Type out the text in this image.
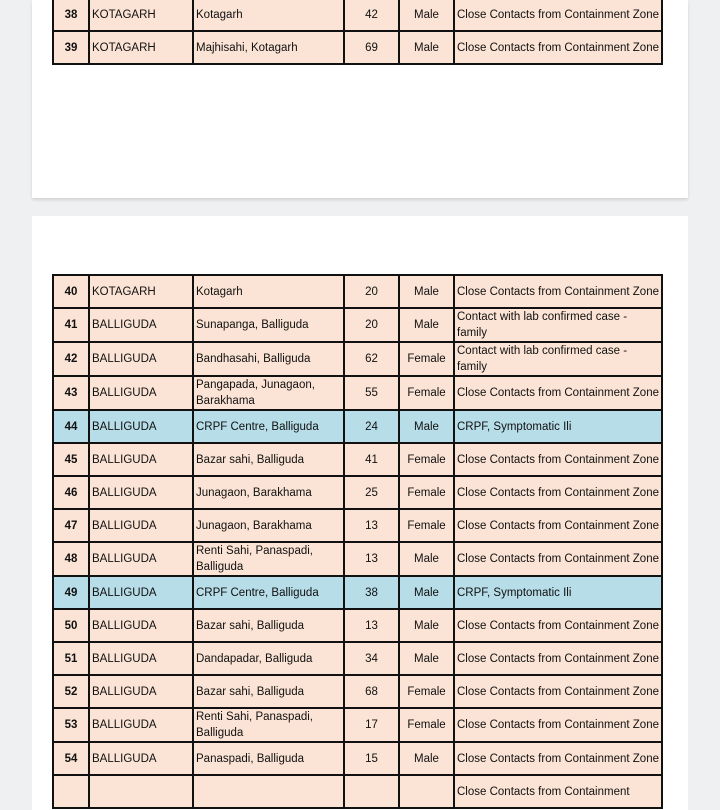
38	KOTAGARH	Kotagarh	42	Male	Close Contacts from Containment Zone
39	KOTAGARH	Majhisahi, Kotagarh	69	Male	Close Contacts from Containment Zone
40	KOTAGARH	Kotagarh	20	Male	Close Contacts from Containment Zone
41	BALLIGUDA	Sunapanga, Balliguda	20	Male	Contact with lab confirmed case - family
42	BALLIGUDA	Bandhasahi, Balliguda	62	Female	Contact with lab confirmed case - family
43	BALLIGUDA	Pangapada, Junagaon, Barakhama	55	Female	Close Contacts from Containment Zone
44	BALLIGUDA	CRPF Centre, Balliguda	24	Male	CRPF, Symptomatic Ili
45	BALLIGUDA	Bazar sahi, Balliguda	41	Female	Close Contacts from Containment Zone
46	BALLIGUDA	Junagaon, Barakhama	25	Female	Close Contacts from Containment Zone
47	BALLIGUDA	Junagaon, Barakhama	13	Female	Close Contacts from Containment Zone
48	BALLIGUDA	Renti Sahi, Panaspadi, Balliguda	13	Male	Close Contacts from Containment Zone
49	BALLIGUDA	CRPF Centre, Balliguda	38	Male	CRPF, Symptomatic Ili
50	BALLIGUDA	Bazar sahi, Balliguda	13	Male	Close Contacts from Containment Zone
51	BALLIGUDA	Dandapadar, Balliguda	34	Male	Close Contacts from Containment Zone
52	BALLIGUDA	Bazar sahi, Balliguda	68	Female	Close Contacts from Containment Zone
53	BALLIGUDA	Renti Sahi, Panaspadi, Balliguda	17	Female	Close Contacts from Containment Zone
54	BALLIGUDA	Panaspadi, Balliguda	15	Male	Close Contacts from Containment Zone
					Close Contacts from Containment
